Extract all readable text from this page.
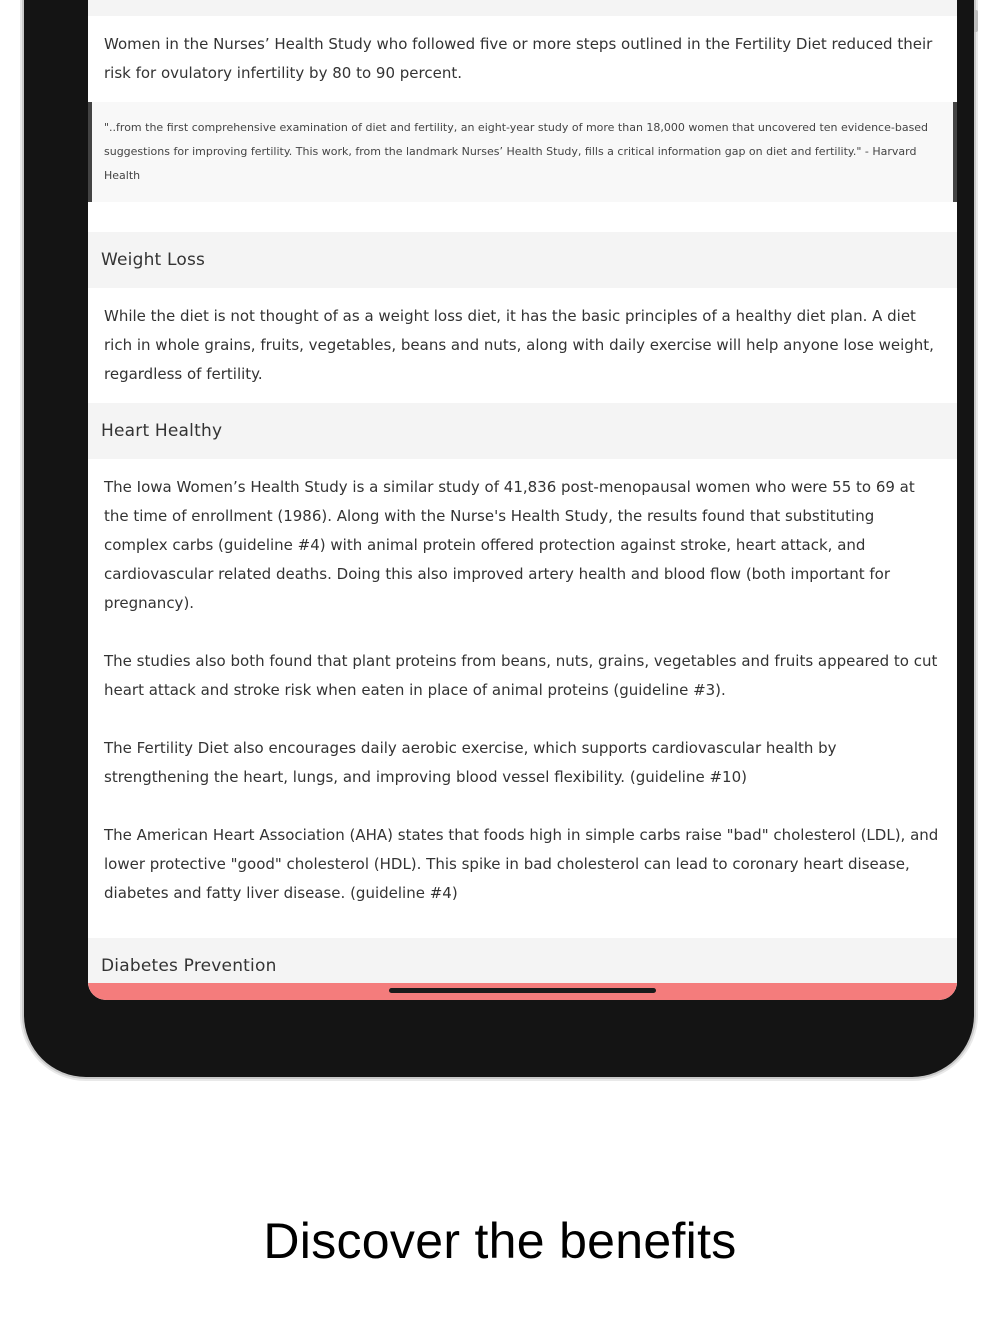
Women in the Nurses’ Health Study who followed five or more steps outlined in the Fertility Diet reduced their risk for ovulatory infertility by 80 to 90 percent.

"..from the first comprehensive examination of diet and fertility, an eight-year study of more than 18,000 women that uncovered ten evidence-based suggestions for improving fertility. This work, from the landmark Nurses’ Health Study, fills a critical information gap on diet and fertility." - Harvard Health
Weight Loss

While the diet is not thought of as a weight loss diet, it has the basic principles of a healthy diet plan. A diet rich in whole grains, fruits, vegetables, beans and nuts, along with daily exercise will help anyone lose weight, regardless of fertility.

Heart Healthy

The Iowa Women’s Health Study is a similar study of 41,836 post-menopausal women who were 55 to 69 at the time of enrollment (1986). Along with the Nurse's Health Study, the results found that substituting complex carbs (guideline #4) with animal protein offered protection against stroke, heart attack, and cardiovascular related deaths. Doing this also improved artery health and blood flow (both important for pregnancy).

The studies also both found that plant proteins from beans, nuts, grains, vegetables and fruits appeared to cut heart attack and stroke risk when eaten in place of animal proteins (guideline #3).

The Fertility Diet also encourages daily aerobic exercise, which supports cardiovascular health by strengthening the heart, lungs, and improving blood vessel flexibility. (guideline #10)

The American Heart Association (AHA) states that foods high in simple carbs raise "bad" cholesterol (LDL), and lower protective "good" cholesterol (HDL). This spike in bad cholesterol can lead to coronary heart disease, diabetes and fatty liver disease. (guideline #4)

Diabetes Prevention
Discover the benefits
